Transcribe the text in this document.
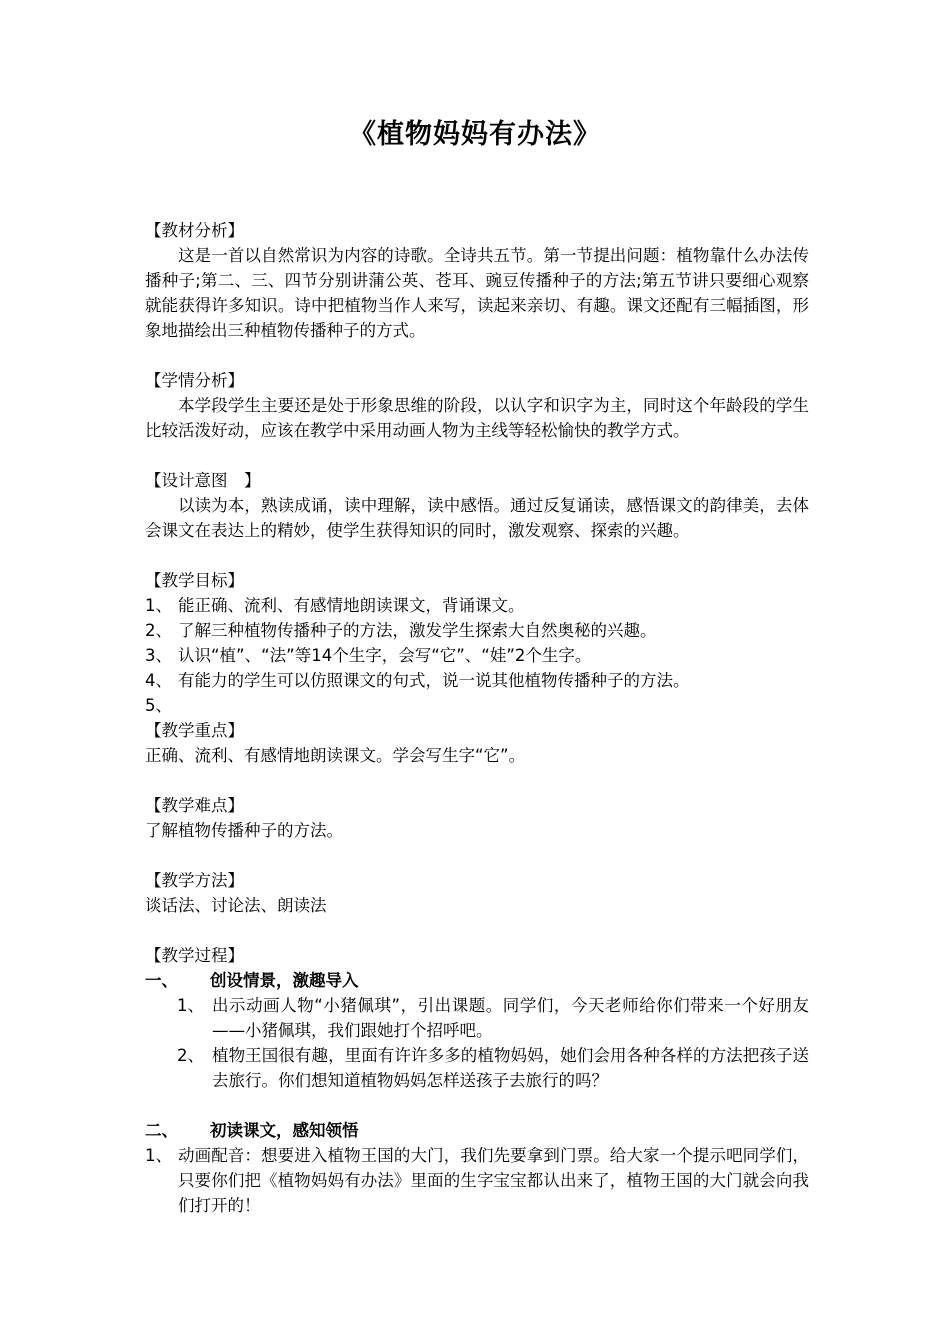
《植物妈妈有办法》

【教材分析】

这是一首以自然常识为内容的诗歌。全诗共五节。第一节提出问题：植物靠什么办法传播种子;第二、三、四节分别讲蒲公英、苍耳、豌豆传播种子的方法;第五节讲只要细心观察就能获得许多知识。诗中把植物当作人来写，读起来亲切、有趣。课文还配有三幅插图，形象地描绘出三种植物传播种子的方式。

【学情分析】

本学段学生主要还是处于形象思维的阶段，以认字和识字为主，同时这个年龄段的学生比较活泼好动，应该在教学中采用动画人物为主线等轻松愉快的教学方式。

【设计意图　】

以读为本，熟读成诵，读中理解，读中感悟。通过反复诵读，感悟课文的韵律美，去体会课文在表达上的精妙，使学生获得知识的同时，激发观察、探索的兴趣。

【教学目标】

1、 能正确、流利、有感情地朗读课文，背诵课文。
2、 了解三种植物传播种子的方法，激发学生探索大自然奥秘的兴趣。
3、 认识“植”、“法”等14个生字，会写“它”、“娃”2个生字。
4、 有能力的学生可以仿照课文的句式，说一说其他植物传播种子的方法。
5、

【教学重点】

正确、流利、有感情地朗读课文。学会写生字“它”。

【教学难点】

了解植物传播种子的方法。

【教学方法】

谈话法、讨论法、朗读法

【教学过程】

一、	创设情景，激趣导入
1、 出示动画人物“小猪佩琪”，引出课题。同学们，今天老师给你们带来一个好朋友——小猪佩琪，我们跟她打个招呼吧。
2、 植物王国很有趣，里面有许许多多的植物妈妈，她们会用各种各样的方法把孩子送去旅行。你们想知道植物妈妈怎样送孩子去旅行的吗？
二、	初读课文，感知领悟
1、 动画配音：想要进入植物王国的大门，我们先要拿到门票。给大家一个提示吧同学们，只要你们把《植物妈妈有办法》里面的生字宝宝都认出来了，植物王国的大门就会向我们打开的！
